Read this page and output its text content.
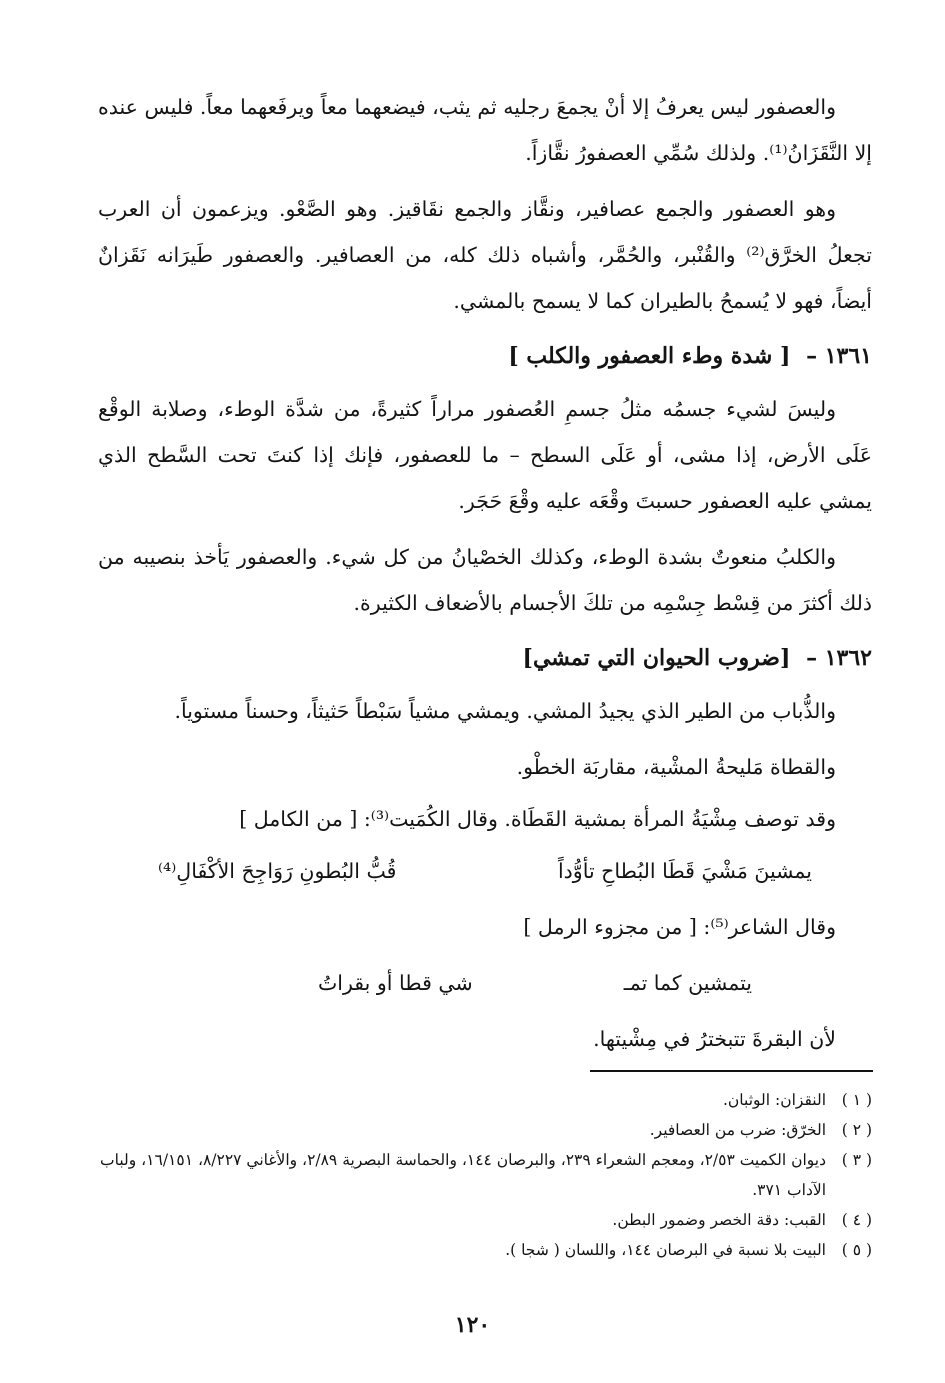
والعصفور ليس يعرفُ إلا أنْ يجمعَ رجليه ثم يثب، فيضعهما معاً ويرفَعهما معاً. فليس عنده إلا النَّقَزَانُ⁽¹⁾. ولذلك سُمِّي العصفورُ نقَّازاً.

وهو العصفور والجمع عصافير، ونقَّاز والجمع نقَاقيز. وهو الصَّعْو. ويزعمون أن العرب تجعلُ الخرَّق⁽²⁾ والقُنْبر، والحُمَّر، وأشباه ذلك كله، من العصافير. والعصفور طَيرَانه نَقَزانٌ أيضاً، فهو لا يُسمحُ بالطيران كما لا يسمح بالمشي.

١٣٦١ – [ شدة وطء العصفور والكلب ]

وليسَ لشيء جسمُه مثلُ جسمِ العُصفور مراراً كثيرةً، من شدَّة الوطء، وصلابة الوقْع عَلَى الأرض، إذا مشى، أو عَلَى السطح – ما للعصفور، فإنك إذا كنتَ تحت السَّطح الذي يمشي عليه العصفور حسبتَ وقْعَه عليه وقْعَ حَجَر.

والكلبُ منعوتٌ بشدة الوطء، وكذلك الخصْيانُ من كل شيء. والعصفور يَأخذ بنصيبه من ذلك أكثرَ من قِسْط جِسْمِه من تلكَ الأجسام بالأضعاف الكثيرة.

١٣٦٢ – [ضروب الحيوان التي تمشي]

والذُّباب من الطير الذي يجيدُ المشي. ويمشي مشياً سَبْطاً حَثيثاً، وحسناً مستوياً.

والقطاة مَليحةُ المشْية، مقاربَة الخطْو.

وقد توصف مِشْيَةُ المرأة بمشية القَطَاة. وقال الكُمَيت⁽³⁾: [ من الكامل ]

يمشينَ مَشْيَ قَطَا البُطاحِ تأوُّداً
قُبُّ البُطونِ رَوَاجِحَ الأكْفَالِ⁽⁴⁾

وقال الشاعر⁽⁵⁾: [ من مجزوء الرمل ]

يتمشين كما تمـ
شي قطا أو بقراتُ

لأن البقرةَ تتبخترُ في مِشْيتها.

( ١ )
النقزان: الوثبان.
( ٢ )
الخرّق: ضرب من العصافير.
( ٣ )
ديوان الكميت ٢/٥٣، ومعجم الشعراء ٢٣٩، والبرصان ١٤٤، والحماسة البصرية ٢/٨٩، والأغاني ٨/٢٢٧، ١٦/١٥١، ولباب الآداب ٣٧١.
( ٤ )
القبب: دقة الخصر وضمور البطن.
( ٥ )
البيت بلا نسبة في البرصان ١٤٤، واللسان ( شجا ).
١٢٠
